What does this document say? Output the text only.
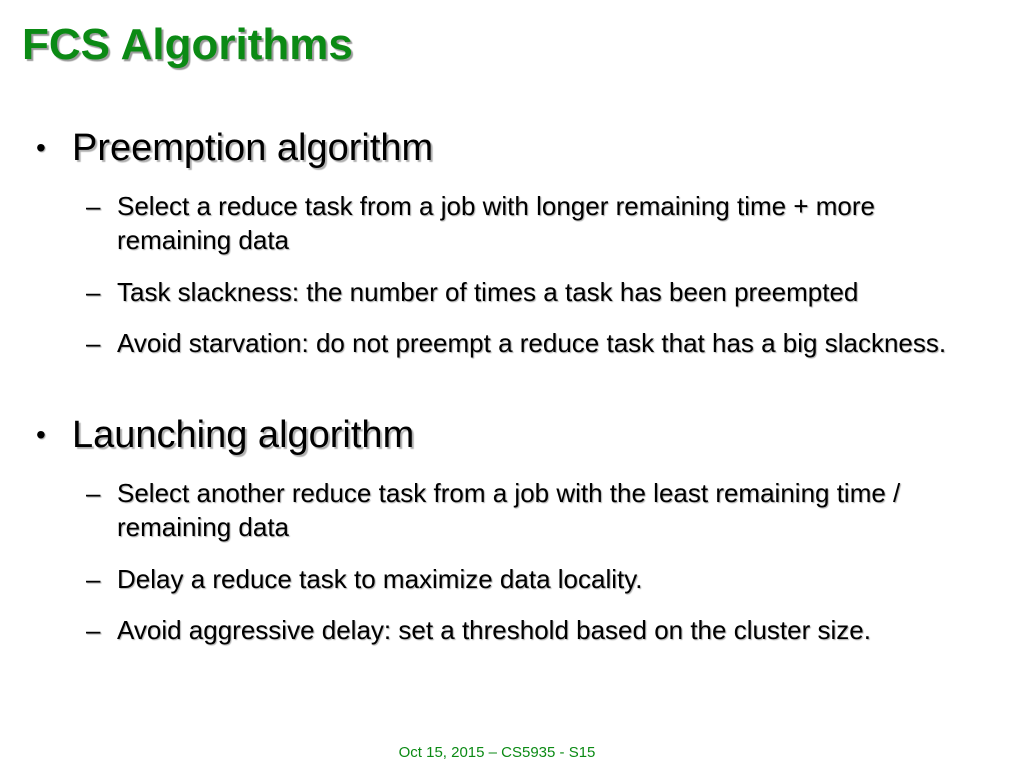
FCS Algorithms
• Preemption algorithm
– Select a reduce task from a job with longer remaining time + more remaining data
– Task slackness: the number of times a task has been preempted
– Avoid starvation: do not preempt a reduce task that has a big slackness.
• Launching algorithm
– Select another reduce task from a job with the least remaining time / remaining data
– Delay a reduce task to maximize data locality.
– Avoid aggressive delay: set a threshold based on the cluster size.
Oct 15, 2015 – CS5935 - S15
